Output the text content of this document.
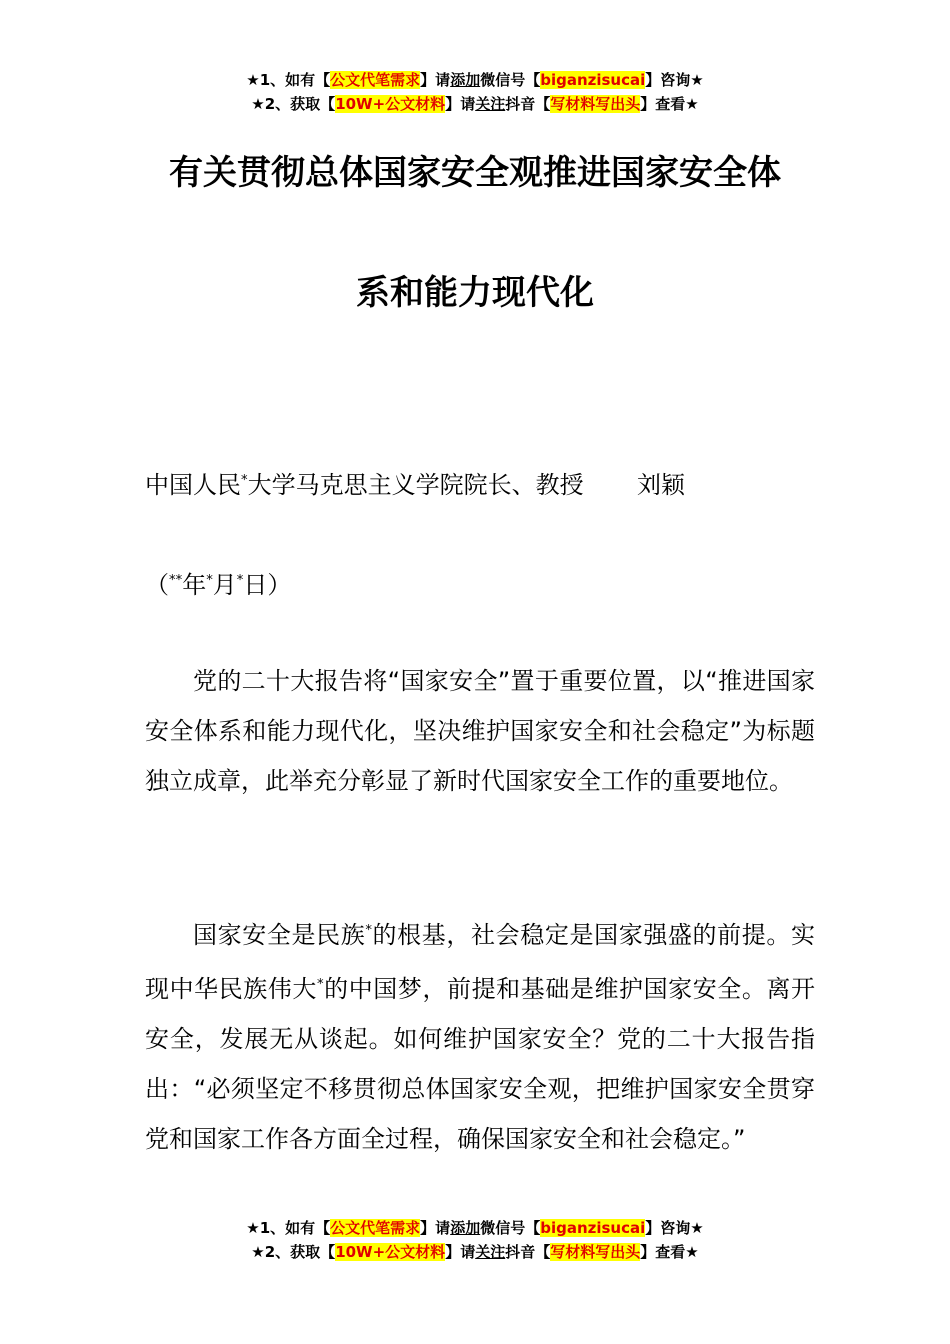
★1、如有【公文代笔需求】请添加微信号【biganzisucai】咨询★
★2、获取【10W+公文材料】请关注抖音【写材料写出头】查看★
有关贯彻总体国家安全观推进国家安全体
系和能力现代化
中国人民*大学马克思主义学院院长、教授 刘颖
（**年*月*日）

党的二十大报告将“国家安全”置于重要位置，以“推进国家安全体系和能力现代化，坚决维护国家安全和社会稳定”为标题独立成章，此举充分彰显了新时代国家安全工作的重要地位。

国家安全是民族*的根基，社会稳定是国家强盛的前提。实现中华民族伟大*的中国梦，前提和基础是维护国家安全。离开安全，发展无从谈起。如何维护国家安全？党的二十大报告指出：“必须坚定不移贯彻总体国家安全观，把维护国家安全贯穿党和国家工作各方面全过程，确保国家安全和社会稳定。”

★1、如有【公文代笔需求】请添加微信号【biganzisucai】咨询★
★2、获取【10W+公文材料】请关注抖音【写材料写出头】查看★
